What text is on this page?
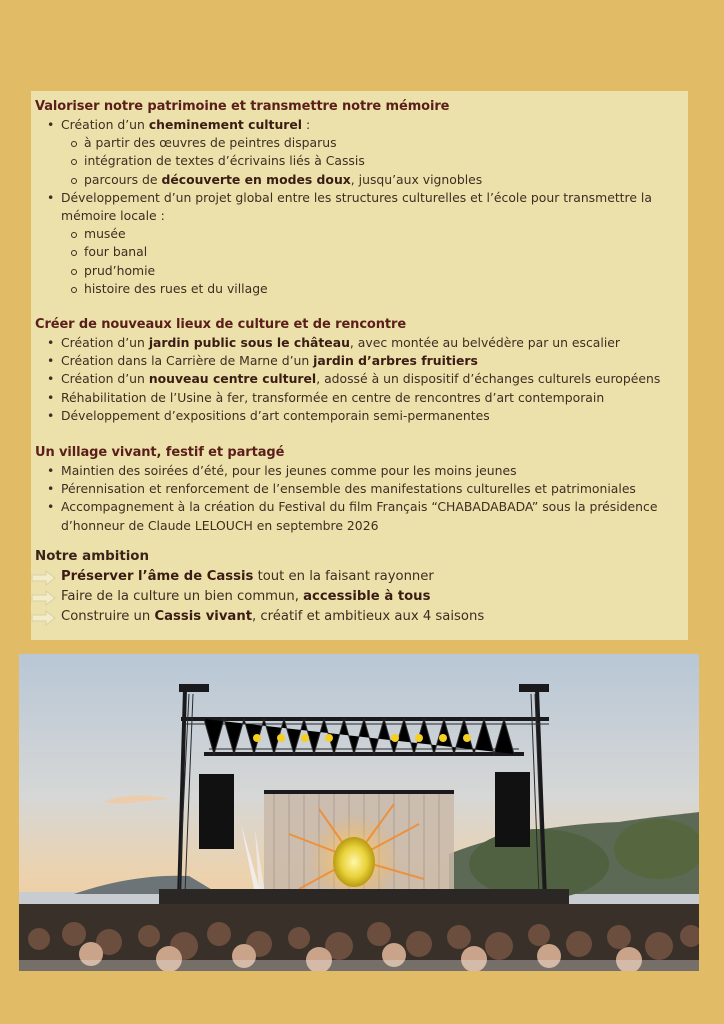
Valoriser notre patrimoine et transmettre notre mémoire

• Création d’un cheminement culturel :
à partir des œuvres de peintres disparus
intégration de textes d’écrivains liés à Cassis
parcours de découverte en modes doux, jusqu’aux vignobles
• Développement d’un projet global entre les structures culturelles et l’école pour transmettre la mémoire locale :
musée
four banal
prud’homie
histoire des rues et du village

Créer de nouveaux lieux de culture et de rencontre

• Création d’un jardin public sous le château, avec montée au belvédère par un escalier
• Création dans la Carrière de Marne d’un jardin d’arbres fruitiers
• Création d’un nouveau centre culturel, adossé à un dispositif d’échanges culturels européens
• Réhabilitation de l’Usine à fer, transformée en centre de rencontres d’art contemporain
• Développement d’expositions d’art contemporain semi-permanentes

Un village vivant, festif et partagé

• Maintien des soirées d’été, pour les jeunes comme pour les moins jeunes
• Pérennisation et renforcement de l’ensemble des manifestations culturelles et patrimoniales
• Accompagnement à la création du Festival du film Français “CHABADABADA” sous la présidence d’honneur de Claude LELOUCH en septembre 2026

Notre ambition

Préserver l’âme de Cassis tout en la faisant rayonner
Faire de la culture un bien commun, accessible à tous
Construire un Cassis vivant, créatif et ambitieux aux 4 saisons
